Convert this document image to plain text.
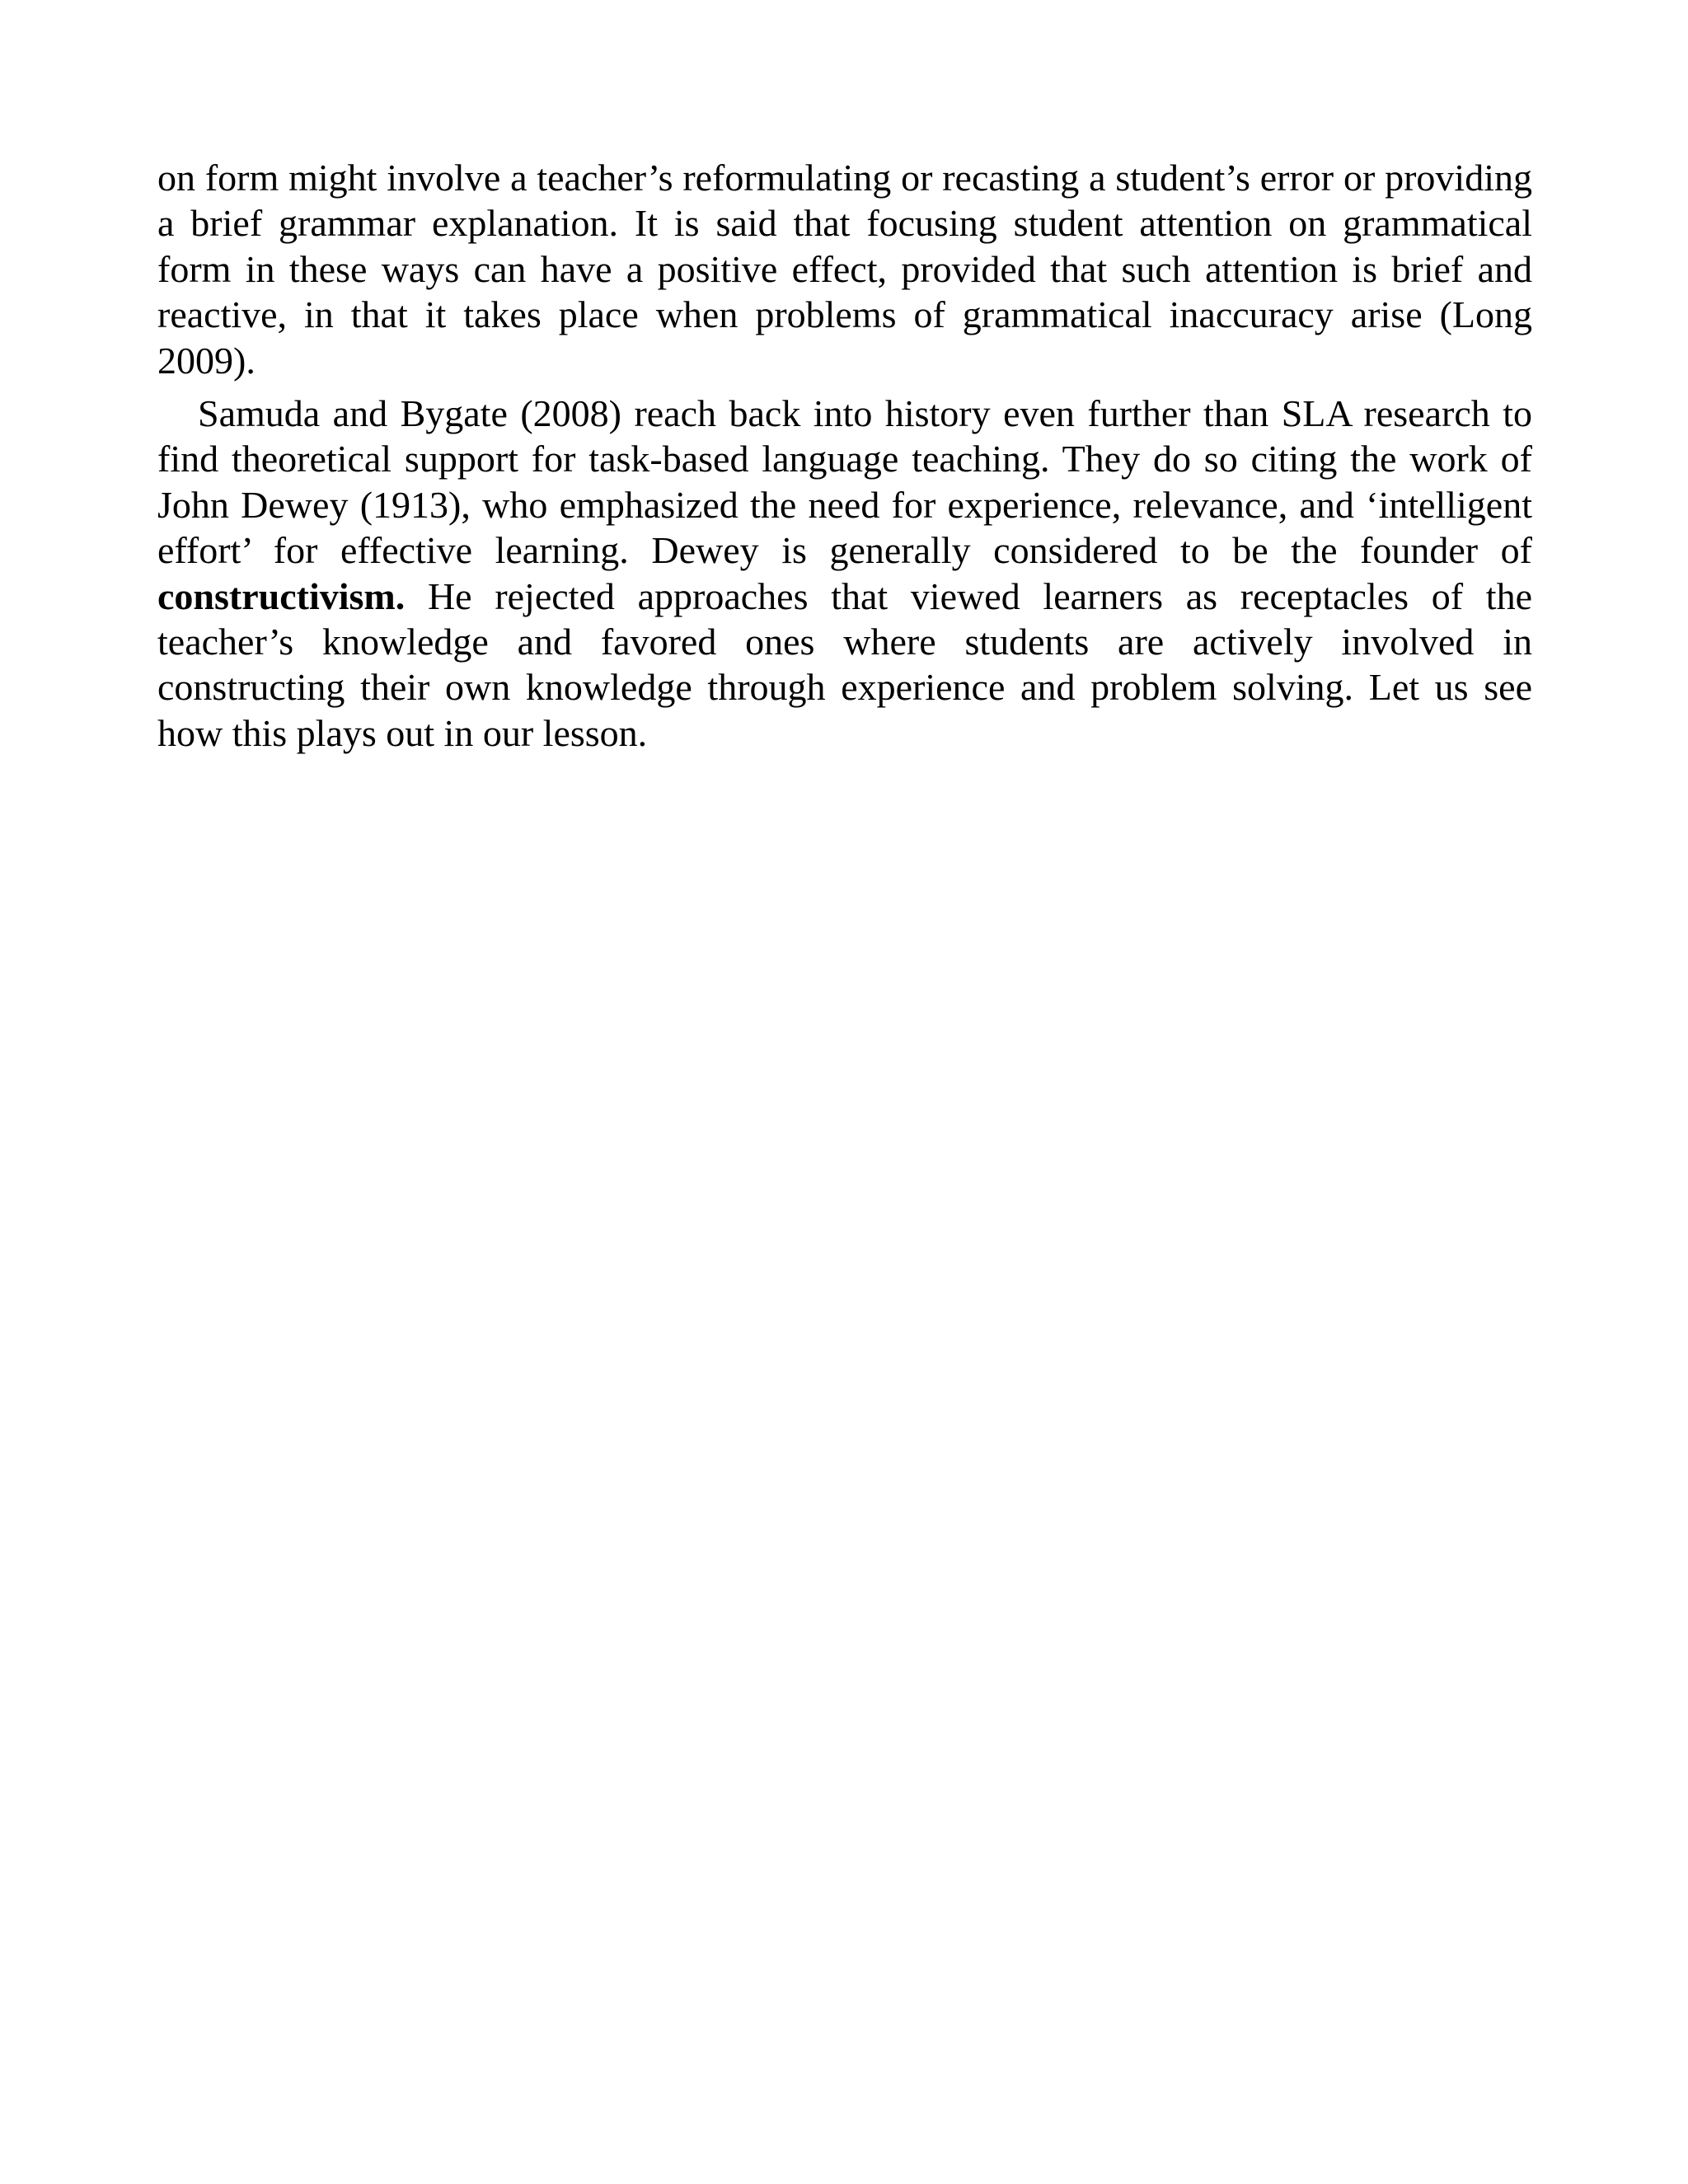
on form might involve a teacher’s reformulating or recasting a student’s error or providing a brief grammar explanation. It is said that focusing student attention on grammatical form in these ways can have a positive effect, provided that such attention is brief and reactive, in that it takes place when problems of grammatical inaccuracy arise (Long 2009).

Samuda and Bygate (2008) reach back into history even further than SLA research to find theoretical support for task-based language teaching. They do so citing the work of John Dewey (1913), who emphasized the need for experience, relevance, and ‘intelligent effort’ for effective learning. Dewey is generally considered to be the founder of constructivism. He rejected approaches that viewed learners as receptacles of the teacher’s knowledge and favored ones where students are actively involved in constructing their own knowledge through experience and problem solving. Let us see how this plays out in our lesson.
